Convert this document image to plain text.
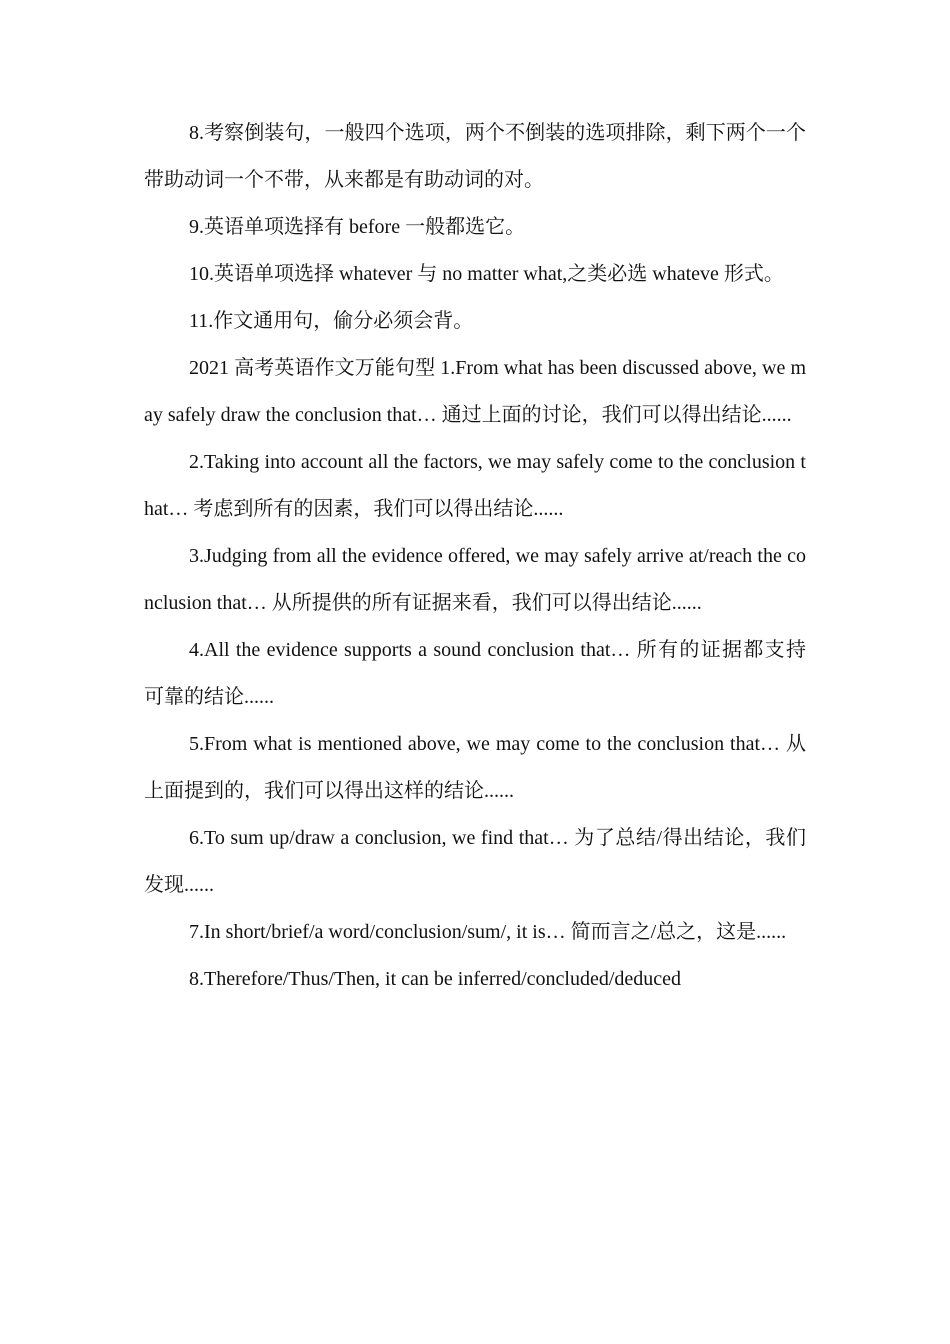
8.考察倒装句，一般四个选项，两个不倒装的选项排除，剩下两个一个带助动词一个不带，从来都是有助动词的对。

9.英语单项选择有 before 一般都选它。

10.英语单项选择 whatever 与 no matter what,之类必选 whateve 形式。

11.作文通用句，偷分必须会背。

2021 高考英语作文万能句型 1.From what has been discussed above, we may safely draw the conclusion that… 通过上面的讨论，我们可以得出结论......

2.Taking into account all the factors, we may safely come to the conclusion that… 考虑到所有的因素，我们可以得出结论......

3.Judging from all the evidence offered, we may safely arrive at/reach the conclusion that… 从所提供的所有证据来看，我们可以得出结论......

4.All the evidence supports a sound conclusion that… 所有的证据都支持可靠的结论......

5.From what is mentioned above, we may come to the conclusion that… 从上面提到的，我们可以得出这样的结论......

6.To sum up/draw a conclusion, we find that… 为了总结/得出结论，我们发现......

7.In short/brief/a word/conclusion/sum/, it is… 简而言之/总之，这是......

8.Therefore/Thus/Then, it can be inferred/concluded/deduced
